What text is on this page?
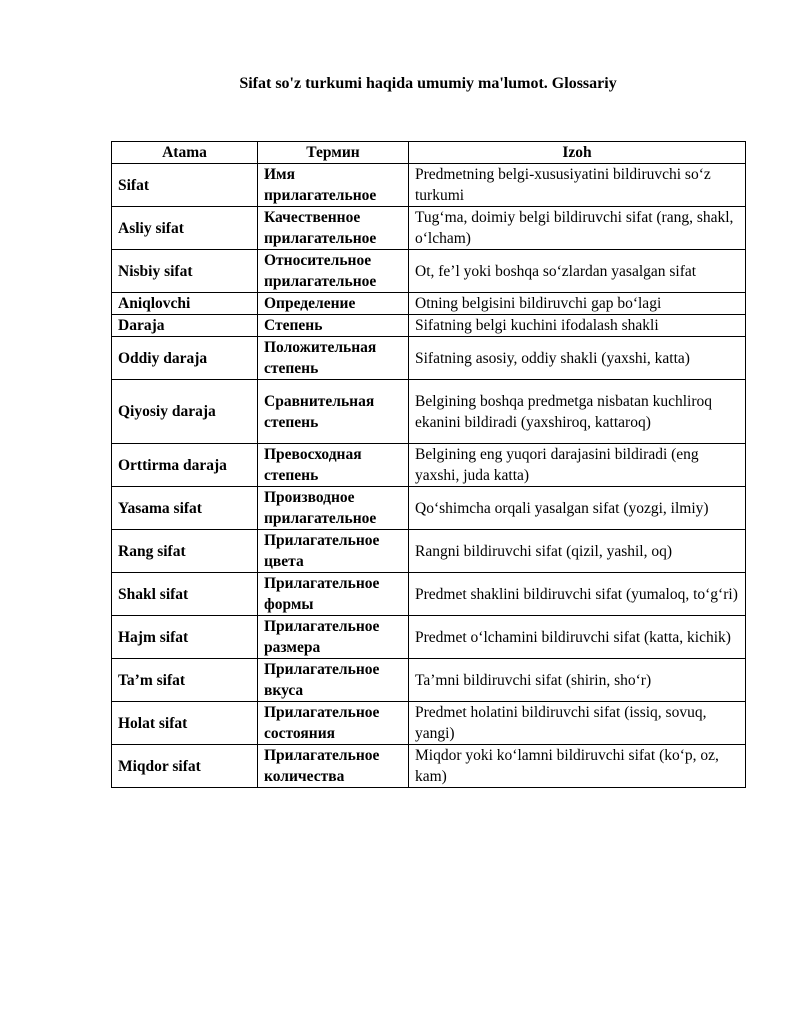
Sifat so'z turkumi haqida umumiy ma'lumot. Glossariy
Atama	Термин	Izoh
Sifat	Имя прилагательное	Predmetning belgi-xususiyatini bildiruvchi so‘z turkumi
Asliy sifat	Качественное прилагательное	Tug‘ma, doimiy belgi bildiruvchi sifat (rang, shakl, o‘lcham)
Nisbiy sifat	Относительное прилагательное	Ot, fe’l yoki boshqa so‘zlardan yasalgan sifat
Aniqlovchi	Определение	Otning belgisini bildiruvchi gap bo‘lagi
Daraja	Степень	Sifatning belgi kuchini ifodalash shakli
Oddiy daraja	Положительная степень	Sifatning asosiy, oddiy shakli (yaxshi, katta)
Qiyosiy daraja	Сравнительная степень	Belgining boshqa predmetga nisbatan kuchliroq ekanini bildiradi (yaxshiroq, kattaroq)
Orttirma daraja	Превосходная степень	Belgining eng yuqori darajasini bildiradi (eng yaxshi, juda katta)
Yasama sifat	Производное прилагательное	Qo‘shimcha orqali yasalgan sifat (yozgi, ilmiy)
Rang sifat	Прилагательное цвета	Rangni bildiruvchi sifat (qizil, yashil, oq)
Shakl sifat	Прилагательное формы	Predmet shaklini bildiruvchi sifat (yumaloq, to‘g‘ri)
Hajm sifat	Прилагательное размера	Predmet o‘lchamini bildiruvchi sifat (katta, kichik)
Ta’m sifat	Прилагательное вкуса	Ta’mni bildiruvchi sifat (shirin, sho‘r)
Holat sifat	Прилагательное состояния	Predmet holatini bildiruvchi sifat (issiq, sovuq, yangi)
Miqdor sifat	Прилагательное количества	Miqdor yoki ko‘lamni bildiruvchi sifat (ko‘p, oz, kam)
